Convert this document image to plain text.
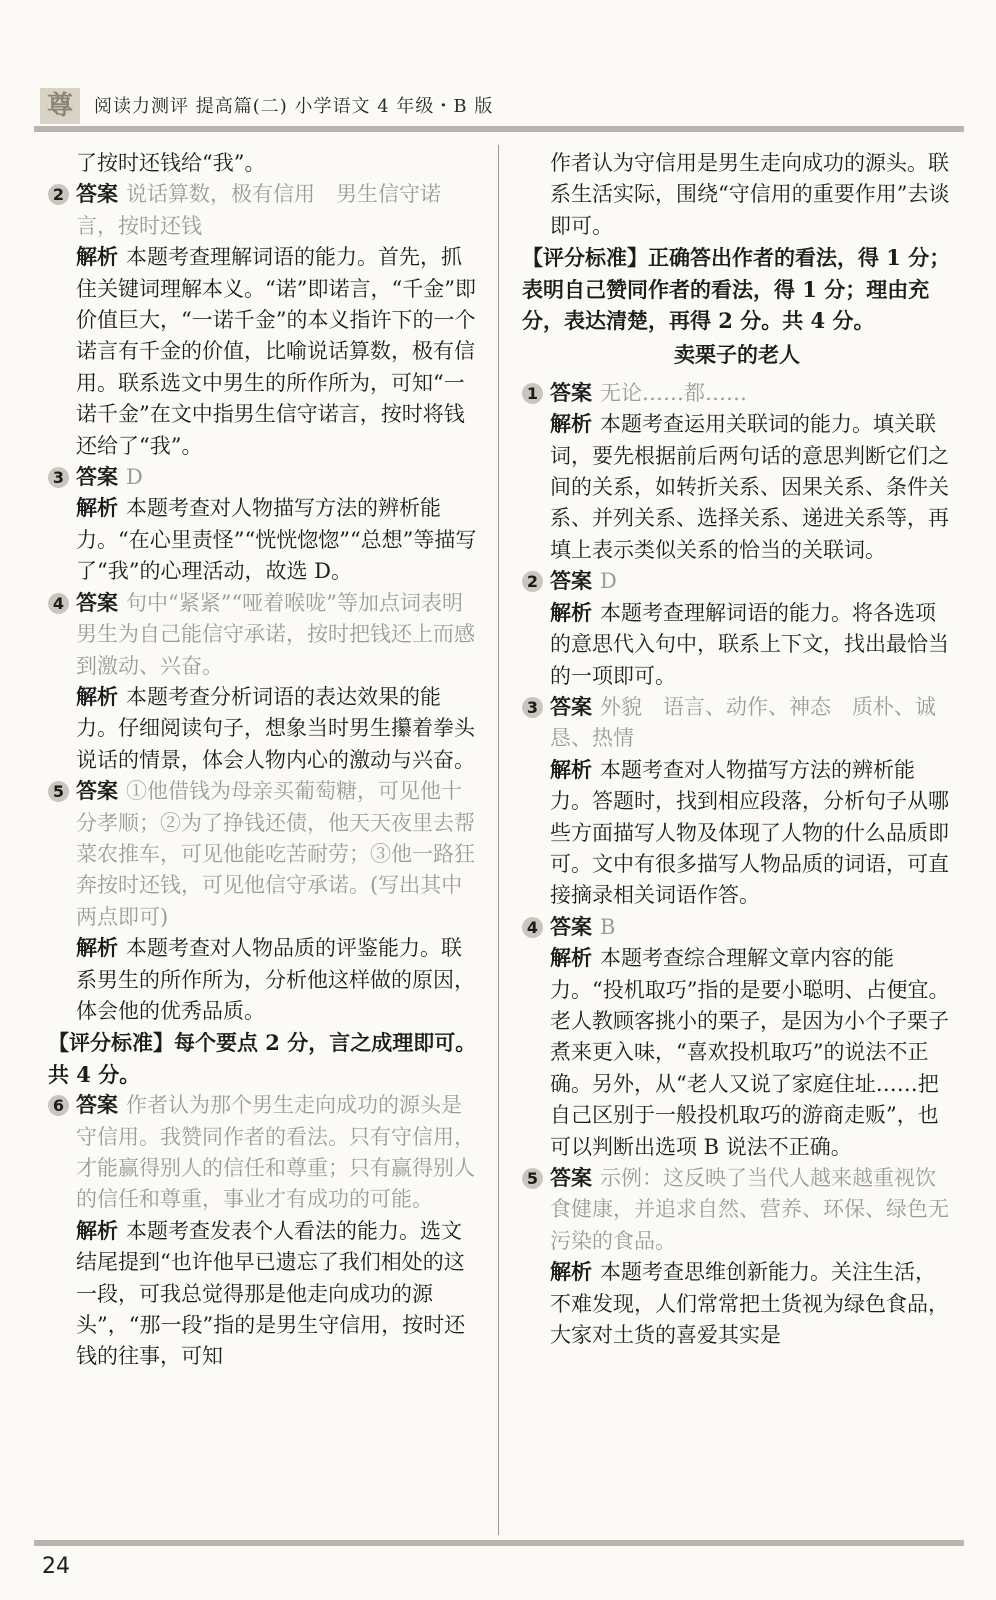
尊	阅读力测评 提高篇(二) 小学语文 4 年级・B 版
了按时还钱给“我”。
2 答案 说话算数，极有信用　男生信守诺言，按时还钱
解析 本题考查理解词语的能力。首先，抓住关键词理解本义。“诺”即诺言，“千金”即价值巨大，“一诺千金”的本义指许下的一个诺言有千金的价值，比喻说话算数，极有信用。联系选文中男生的所作所为，可知“一诺千金”在文中指男生信守诺言，按时将钱还给了“我”。
3 答案 D
解析 本题考查对人物描写方法的辨析能力。“在心里责怪”“恍恍惚惚”“总想”等描写了“我”的心理活动，故选 D。
4 答案 句中“紧紧”“哑着喉咙”等加点词表明男生为自己能信守承诺，按时把钱还上而感到激动、兴奋。
解析 本题考查分析词语的表达效果的能力。仔细阅读句子，想象当时男生攥着拳头说话的情景，体会人物内心的激动与兴奋。
5 答案 ①他借钱为母亲买葡萄糖，可见他十分孝顺；②为了挣钱还债，他天天夜里去帮菜农推车，可见他能吃苦耐劳；③他一路狂奔按时还钱，可见他信守承诺。(写出其中两点即可)
解析 本题考查对人物品质的评鉴能力。联系男生的所作所为，分析他这样做的原因，体会他的优秀品质。
【评分标准】每个要点 2 分，言之成理即可。共 4 分。
6 答案 作者认为那个男生走向成功的源头是守信用。我赞同作者的看法。只有守信用，才能赢得别人的信任和尊重；只有赢得别人的信任和尊重，事业才有成功的可能。
解析 本题考查发表个人看法的能力。选文结尾提到“也许他早已遗忘了我们相处的这一段，可我总觉得那是他走向成功的源头”，“那一段”指的是男生守信用，按时还钱的往事，可知
作者认为守信用是男生走向成功的源头。联系生活实际，围绕“守信用的重要作用”去谈即可。
【评分标准】正确答出作者的看法，得 1 分；表明自己赞同作者的看法，得 1 分；理由充分，表达清楚，再得 2 分。共 4 分。
卖栗子的老人
1 答案 无论……都……
解析 本题考查运用关联词的能力。填关联词，要先根据前后两句话的意思判断它们之间的关系，如转折关系、因果关系、条件关系、并列关系、选择关系、递进关系等，再填上表示类似关系的恰当的关联词。
2 答案 D
解析 本题考查理解词语的能力。将各选项的意思代入句中，联系上下文，找出最恰当的一项即可。
3 答案 外貌　语言、动作、神态　质朴、诚恳、热情
解析 本题考查对人物描写方法的辨析能力。答题时，找到相应段落，分析句子从哪些方面描写人物及体现了人物的什么品质即可。文中有很多描写人物品质的词语，可直接摘录相关词语作答。
4 答案 B
解析 本题考查综合理解文章内容的能力。“投机取巧”指的是要小聪明、占便宜。老人教顾客挑小的栗子，是因为小个子栗子煮来更入味，“喜欢投机取巧”的说法不正确。另外，从“老人又说了家庭住址……把自己区别于一般投机取巧的游商走贩”，也可以判断出选项 B 说法不正确。
5 答案 示例：这反映了当代人越来越重视饮食健康，并追求自然、营养、环保、绿色无污染的食品。
解析 本题考查思维创新能力。关注生活，不难发现，人们常常把土货视为绿色食品，大家对土货的喜爱其实是
24
